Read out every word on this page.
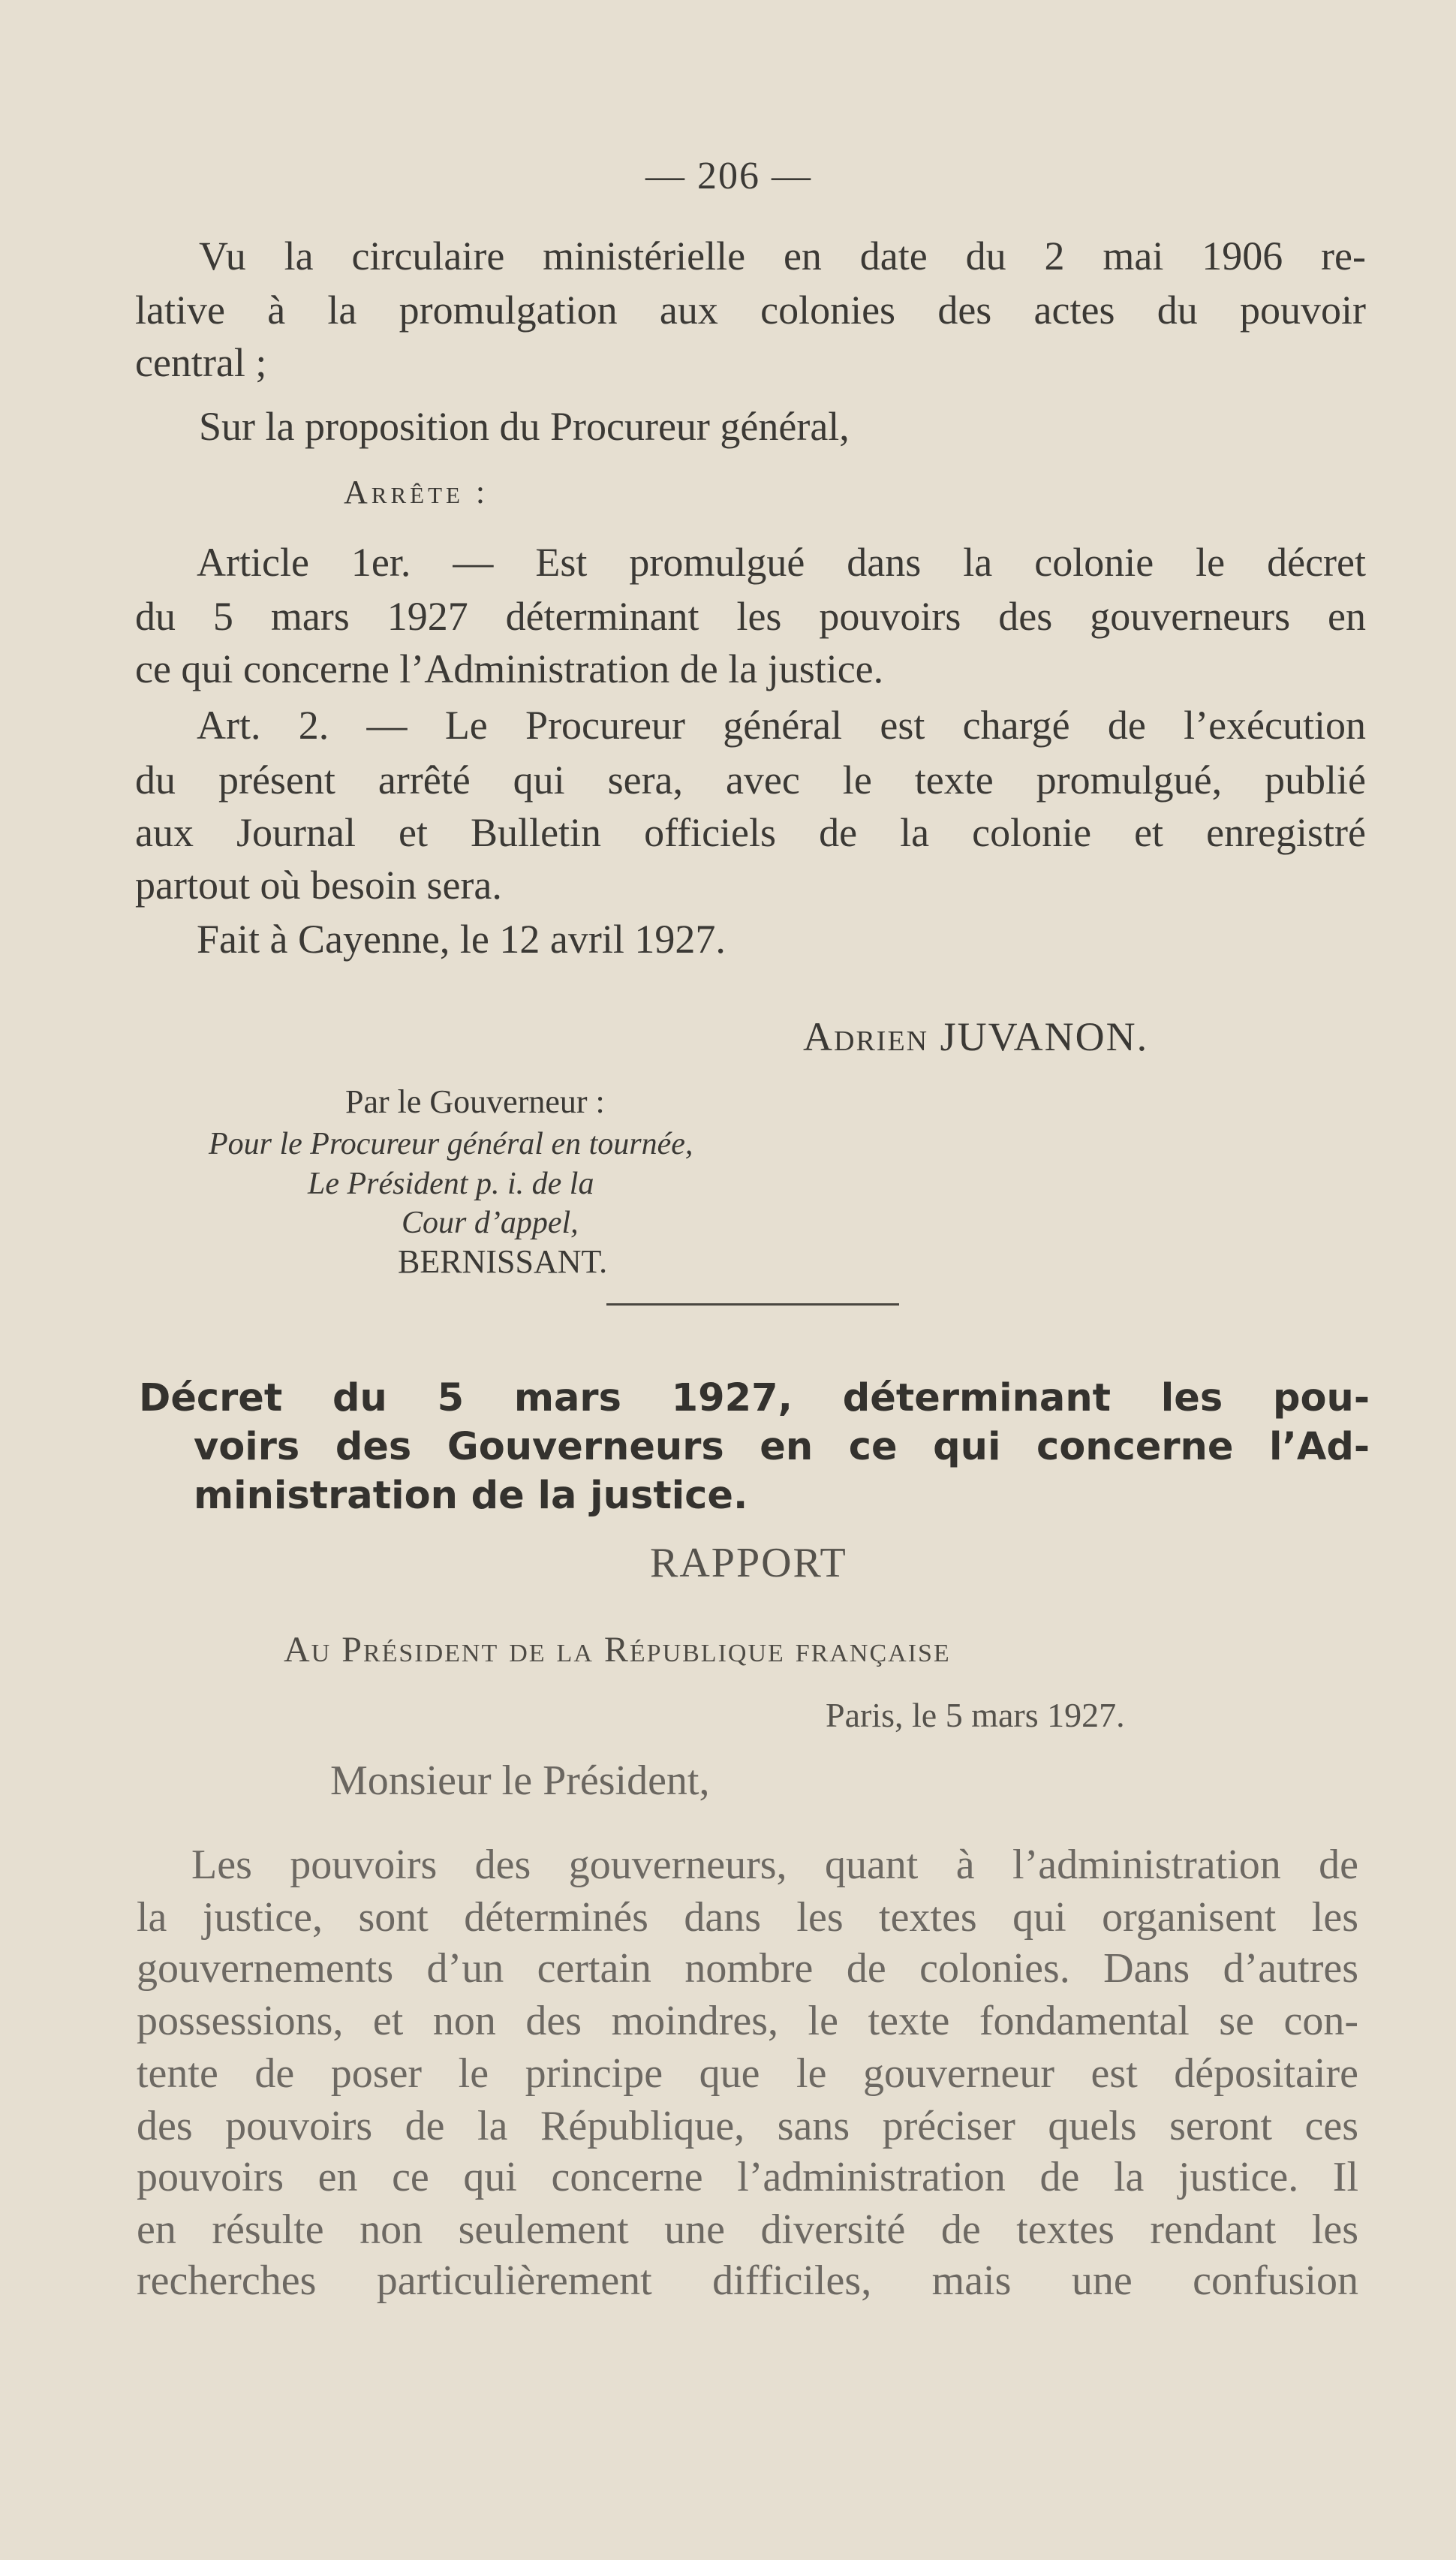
— 206 —
Vu la circulaire ministérielle en date du 2 mai 1906 re-
lative à la promulgation aux colonies des actes du pouvoir
central ;
Sur la proposition du Procureur général,
Arrête :
Article 1er. — Est promulgué dans la colonie le décret
du 5 mars 1927 déterminant les pouvoirs des gouverneurs en
ce qui concerne l’Administration de la justice.
Art. 2. — Le Procureur général est chargé de l’exécution
du présent arrêté qui sera, avec le texte promulgué, publié
aux Journal et Bulletin officiels de la colonie et enregistré
partout où besoin sera.
Fait à Cayenne, le 12 avril 1927.
Adrien JUVANON.
Par le Gouverneur :
Pour le Procureur général en tournée,
Le Président p. i. de la
Cour d’appel,
BERNISSANT.
Décret du 5 mars 1927, déterminant les pou-
voirs des Gouverneurs en ce qui concerne l’Ad-
ministration de la justice.
RAPPORT
Au Président de la République française
Paris, le 5 mars 1927.
Monsieur le Président,
Les pouvoirs des gouverneurs, quant à l’administration de
la justice, sont déterminés dans les textes qui organisent les
gouvernements d’un certain nombre de colonies. Dans d’autres
possessions, et non des moindres, le texte fondamental se con-
tente de poser le principe que le gouverneur est dépositaire
des pouvoirs de la République, sans préciser quels seront ces
pouvoirs en ce qui concerne l’administration de la justice. Il
en résulte non seulement une diversité de textes rendant les
recherches particulièrement difficiles, mais une confusion
